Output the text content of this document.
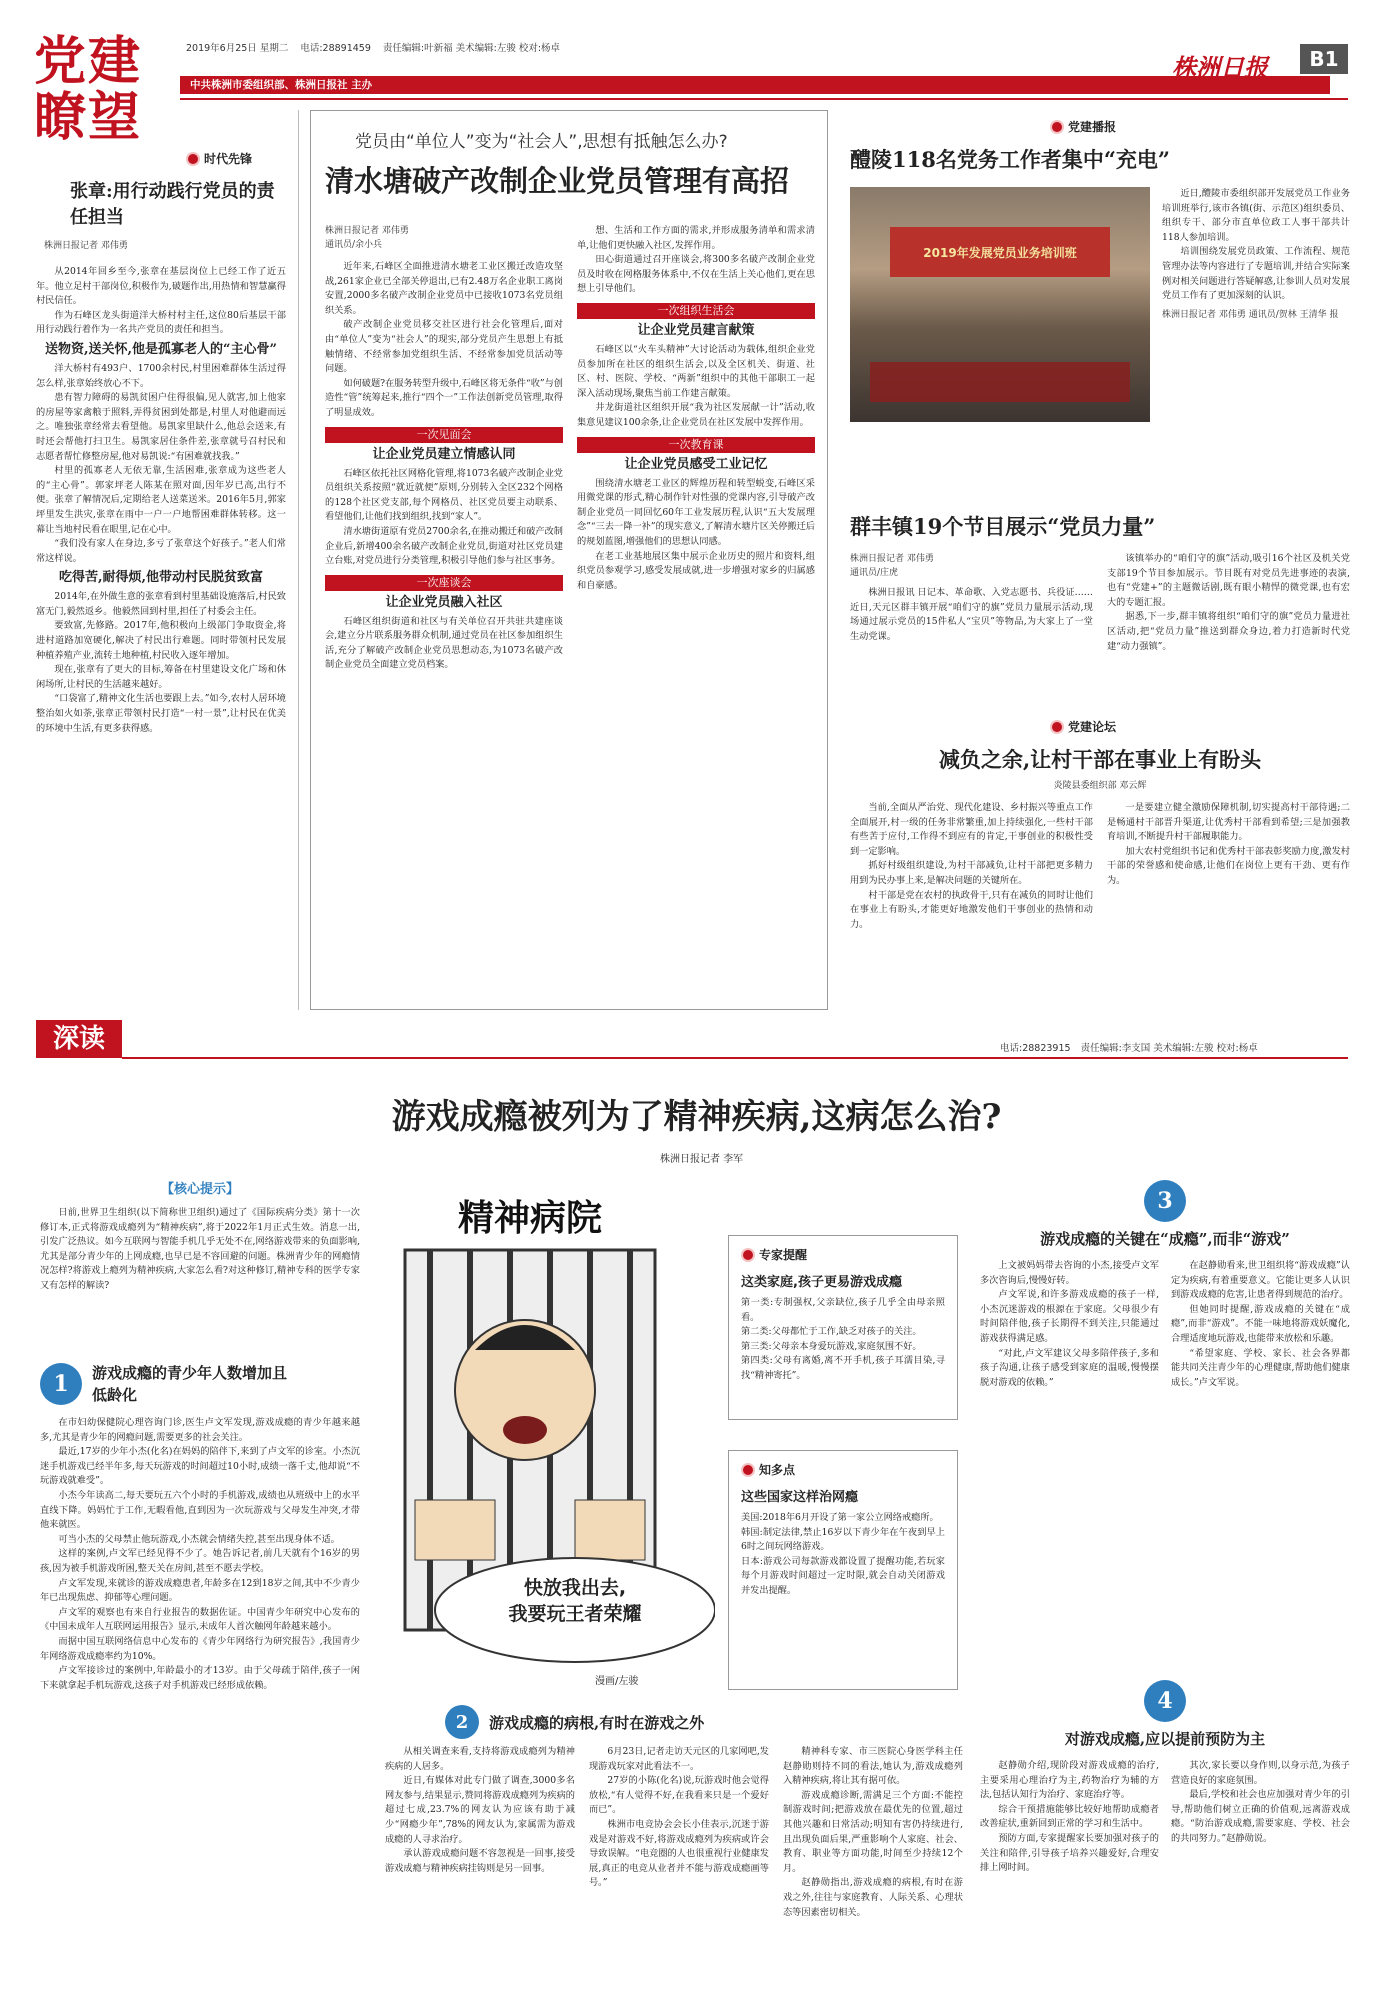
党建瞭望
2019年6月25日 星期二 电话:28891459 责任编辑:叶新福 美术编辑:左骏 校对:杨卓
中共株洲市委组织部、株洲日报社 主办
株洲日报	B1
时代先锋
张章:用行动践行党员的责任担当
株洲日报记者 邓伟勇

从2014年回乡至今,张章在基层岗位上已经工作了近五年。他立足村干部岗位,积极作为,破题作出,用热情和智慧赢得村民信任。

作为石峰区龙头街道洋大桥村村主任,这位80后基层干部用行动践行着作为一名共产党员的责任和担当。

送物资,送关怀,他是孤寡老人的“主心骨”

洋大桥村有493户、1700余村民,村里困难群体生活过得怎么样,张章始终放心不下。

患有智力障碍的易凯贫困户住得很偏,见人就害,加上他家的房屋等家禽粮于照料,弄得贫困到处都是,村里人对他避而远之。唯独张章经常去看望他。易凯家里缺什么,他总会送来,有时还会帮他打扫卫生。易凯家居住条件差,张章就号召村民和志愿者帮忙修整房屋,他对易凯说:“有困难就找我。”

村里的孤寡老人无依无靠,生活困难,张章成为这些老人的“主心骨”。郭家坪老人陈某在照对面,因年岁已高,出行不便。张章了解情况后,定期给老人送菜送米。2016年5月,郭家坪里发生洪灾,张章在雨中一户一户地帮困难群体转移。这一幕让当地村民看在眼里,记在心中。

“我们没有家人在身边,多亏了张章这个好孩子。”老人们常常这样说。

吃得苦,耐得烦,他带动村民脱贫致富

2014年,在外做生意的张章看到村里基础设施落后,村民致富无门,毅然返乡。他毅然回到村里,担任了村委会主任。

要致富,先修路。2017年,他积极向上级部门争取资金,将进村道路加宽硬化,解决了村民出行难题。同时带领村民发展种植养殖产业,流转土地种植,村民收入逐年增加。

现在,张章有了更大的目标,筹备在村里建设文化广场和休闲场所,让村民的生活越来越好。

“口袋富了,精神文化生活也要跟上去。”如今,农村人居环境整治如火如荼,张章正带领村民打造“一村一景”,让村民在优美的环境中生活,有更多获得感。

党员由“单位人”变为“社会人”,思想有抵触怎么办?
清水塘破产改制企业党员管理有高招
株洲日报记者 邓伟勇
通讯员/余小兵

近年来,石峰区全面推进清水塘老工业区搬迁改造攻坚战,261家企业已全部关停退出,已有2.48万名企业职工离岗安置,2000多名破产改制企业党员中已接收1073名党员组织关系。

破产改制企业党员移交社区进行社会化管理后,面对由“单位人”变为“社会人”的现实,部分党员产生思想上有抵触情绪、不经常参加党组织生活、不经常参加党员活动等问题。

如何破题?在服务转型升级中,石峰区将无条件“收”与创造性“管”统筹起来,推行“四个一”工作法创新党员管理,取得了明显成效。

一次见面会
让企业党员建立情感认同

石峰区依托社区网格化管理,将1073名破产改制企业党员组织关系按照“就近就便”原则,分别转入全区232个网格的128个社区党支部,每个网格员、社区党员要主动联系、看望他们,让他们找到组织,找到“家人”。

清水塘街道原有党员2700余名,在推动搬迁和破产改制企业后,新增400余名破产改制企业党员,街道对社区党员建立台账,对党员进行分类管理,积极引导他们参与社区事务。

一次座谈会
让企业党员融入社区

石峰区组织街道和社区与有关单位召开共驻共建座谈会,建立分片联系服务群众机制,通过党员在社区参加组织生活,充分了解破产改制企业党员思想动态,为1073名破产改制企业党员全面建立党员档案。

想、生活和工作方面的需求,并形成服务清单和需求清单,让他们更快融入社区,发挥作用。

田心街道通过召开座谈会,将300多名破产改制企业党员及时收在网格服务体系中,不仅在生活上关心他们,更在思想上引导他们。

一次组织生活会
让企业党员建言献策

石峰区以“火车头精神”大讨论活动为载体,组织企业党员参加所在社区的组织生活会,以及全区机关、街道、社区、村、医院、学校、“两新”组织中的其他干部职工一起深入活动现场,聚焦当前工作建言献策。

井龙街道社区组织开展“我为社区发展献一计”活动,收集意见建议100余条,让企业党员在社区发展中发挥作用。

一次教育课
让企业党员感受工业记忆

围绕清水塘老工业区的辉煌历程和转型蜕变,石峰区采用微党课的形式,精心制作针对性强的党课内容,引导破产改制企业党员一同回忆60年工业发展历程,认识“五大发展理念”“三去一降一补”的现实意义,了解清水塘片区关停搬迁后的规划蓝图,增强他们的思想认同感。

在老工业基地展区集中展示企业历史的照片和资料,组织党员参观学习,感受发展成就,进一步增强对家乡的归属感和自豪感。

党建播报
醴陵118名党务工作者集中“充电”
2019年发展党员业务培训班

近日,醴陵市委组织部开发展党员工作业务培训班举行,该市各镇(街、示范区)组织委员、组织专干、部分市直单位政工人事干部共计118人参加培训。

培训围绕发展党员政策、工作流程、规范管理办法等内容进行了专题培训,并结合实际案例对相关问题进行答疑解惑,让参训人员对发展党员工作有了更加深刻的认识。

株洲日报记者 邓伟勇 通讯员/贺林 王清华 报
群丰镇19个节目展示“党员力量”
株洲日报记者 邓伟勇
通讯员/庄虎

株洲日报讯 日记本、革命歌、入党志愿书、兵役证……近日,天元区群丰镇开展“咱们守的旗”党员力量展示活动,现场通过展示党员的15件私人“宝贝”等物品,为大家上了一堂生动党课。

该镇举办的“咱们守的旗”活动,吸引16个社区及机关党支部19个节目参加展示。节目既有对党员先进事迹的表演,也有“党建+”的主题微话剧,既有眼小精悍的微党课,也有宏大的专题汇报。

据悉,下一步,群丰镇将组织“咱们守的旗”党员力量进社区活动,把“党员力量”推送到群众身边,着力打造新时代党建“动力强镇”。

党建论坛
减负之余,让村干部在事业上有盼头
炎陵县委组织部 邓云辉

当前,全面从严治党、现代化建设、乡村振兴等重点工作全面展开,村一级的任务非常繁重,加上持续强化,一些村干部有些苦于应付,工作得不到应有的肯定,干事创业的积极性受到一定影响。

抓好村级组织建设,为村干部减负,让村干部把更多精力用到为民办事上来,是解决问题的关键所在。

村干部是党在农村的执政骨干,只有在减负的同时让他们在事业上有盼头,才能更好地激发他们干事创业的热情和动力。

一是要建立健全激励保障机制,切实提高村干部待遇;二是畅通村干部晋升渠道,让优秀村干部看到希望;三是加强教育培训,不断提升村干部履职能力。

加大农村党组织书记和优秀村干部表彰奖励力度,激发村干部的荣誉感和使命感,让他们在岗位上更有干劲、更有作为。

深读	电话:28823915 责任编辑:李支国 美术编辑:左骏 校对:杨卓
游戏成瘾被列为了精神疾病,这病怎么治?
株洲日报记者 李军
【核心提示】

日前,世界卫生组织(以下简称世卫组织)通过了《国际疾病分类》第十一次修订本,正式将游戏成瘾列为“精神疾病”,将于2022年1月正式生效。消息一出,引发广泛热议。如今互联网与智能手机几乎无处不在,网络游戏带来的负面影响,尤其是部分青少年的上网成瘾,也早已是不容回避的问题。株洲青少年的网瘾情况怎样?将游戏上瘾列为精神疾病,大家怎么看?对这种修订,精神专科的医学专家又有怎样的解读?

1	游戏成瘾的青少年人数增加且低龄化

在市妇幼保健院心理咨询门诊,医生卢文军发现,游戏成瘾的青少年越来越多,尤其是青少年的网瘾问题,需要更多的社会关注。

最近,17岁的少年小杰(化名)在妈妈的陪伴下,来到了卢文军的诊室。小杰沉迷手机游戏已经半年多,每天玩游戏的时间超过10小时,成绩一落千丈,他却说“不玩游戏就难受”。

小杰今年读高二,每天要玩五六个小时的手机游戏,成绩也从班级中上的水平直线下降。妈妈忙于工作,无暇看他,直到因为一次玩游戏与父母发生冲突,才带他来就医。

可当小杰的父母禁止他玩游戏,小杰就会情绪失控,甚至出现身体不适。

这样的案例,卢文军已经见得不少了。她告诉记者,前几天就有个16岁的男孩,因为被手机游戏所困,整天关在房间,甚至不愿去学校。

卢文军发现,来就诊的游戏成瘾患者,年龄多在12到18岁之间,其中不少青少年已出现焦虑、抑郁等心理问题。

卢文军的观察也有来自行业报告的数据佐证。中国青少年研究中心发布的《中国未成年人互联网运用报告》显示,未成年人首次触网年龄越来越小。

而据中国互联网络信息中心发布的《青少年网络行为研究报告》,我国青少年网络游戏成瘾率约为10%。

卢文军接诊过的案例中,年龄最小的才13岁。由于父母疏于陪伴,孩子一闲下来就拿起手机玩游戏,这孩子对手机游戏已经形成依赖。

精神病院
快放我出去,
我要玩王者荣耀
漫画/左骏
专家提醒
这类家庭,孩子更易游戏成瘾
第一类:专制强权,父亲缺位,孩子几乎全由母亲照看。
第二类:父母都忙于工作,缺乏对孩子的关注。
第三类:父母亲本身爱玩游戏,家庭氛围不好。
第四类:父母有离婚,离不开手机,孩子耳濡目染,寻找“精神寄托”。
知多点
这些国家这样治网瘾
美国:2018年6月开设了第一家公立网络戒瘾所。
韩国:制定法律,禁止16岁以下青少年在午夜到早上6时之间玩网络游戏。
日本:游戏公司每款游戏都设置了提醒功能,若玩家每个月游戏时间超过一定时限,就会自动关闭游戏并发出提醒。
2	游戏成瘾的病根,有时在游戏之外

从相关调查来看,支持将游戏成瘾列为精神疾病的人居多。

近日,有媒体对此专门做了调查,3000多名网友参与,结果显示,赞同将游戏成瘾列为疾病的超过七成,23.7%的网友认为应该有助于减少“网瘾少年”,78%的网友认为,家属需为游戏成瘾的人寻求治疗。

承认游戏成瘾问题不容忽视是一回事,接受游戏成瘾与精神疾病挂钩则是另一回事。

6月23日,记者走访天元区的几家网吧,发现游戏玩家对此看法不一。

27岁的小陈(化名)说,玩游戏时他会觉得放松,“有人觉得不好,在我看来只是一个爱好而已”。

株洲市电竞协会会长小佳表示,沉迷于游戏是对游戏不好,将游戏成瘾列为疾病或许会导致误解。“电竞圈的人也很重视行业健康发展,真正的电竞从业者并不能与游戏成瘾画等号。”

精神科专家、市三医院心身医学科主任赵静勋则持不同的看法,她认为,游戏成瘾列入精神疾病,将让其有据可依。

游戏成瘾诊断,需满足三个方面:不能控制游戏时间;把游戏放在最优先的位置,超过其他兴趣和日常活动;明知有害仍持续进行,且出现负面后果,严重影响个人家庭、社会、教育、职业等方面功能,时间至少持续12个月。

赵静勋指出,游戏成瘾的病根,有时在游戏之外,往往与家庭教育、人际关系、心理状态等因素密切相关。

3
游戏成瘾的关键在“成瘾”,而非“游戏”

上文被妈妈带去咨询的小杰,接受卢文军多次咨询后,慢慢好转。

卢文军说,和许多游戏成瘾的孩子一样,小杰沉迷游戏的根源在于家庭。父母很少有时间陪伴他,孩子长期得不到关注,只能通过游戏获得满足感。

“对此,卢文军建议父母多陪伴孩子,多和孩子沟通,让孩子感受到家庭的温暖,慢慢摆脱对游戏的依赖。”

在赵静勋看来,世卫组织将“游戏成瘾”认定为疾病,有着重要意义。它能让更多人认识到游戏成瘾的危害,让患者得到规范的治疗。

但她同时提醒,游戏成瘾的关键在“成瘾”,而非“游戏”。不能一味地将游戏妖魔化,合理适度地玩游戏,也能带来放松和乐趣。

“希望家庭、学校、家长、社会各界都能共同关注青少年的心理健康,帮助他们健康成长。”卢文军说。

4
对游戏成瘾,应以提前预防为主

赵静勋介绍,现阶段对游戏成瘾的治疗,主要采用心理治疗为主,药物治疗为辅的方法,包括认知行为治疗、家庭治疗等。

综合干预措施能够比较好地帮助成瘾者改善症状,重新回到正常的学习和生活中。

预防方面,专家提醒家长要加强对孩子的关注和陪伴,引导孩子培养兴趣爱好,合理安排上网时间。

其次,家长要以身作则,以身示范,为孩子营造良好的家庭氛围。

最后,学校和社会也应加强对青少年的引导,帮助他们树立正确的价值观,远离游戏成瘾。“防治游戏成瘾,需要家庭、学校、社会的共同努力。”赵静勋说。
